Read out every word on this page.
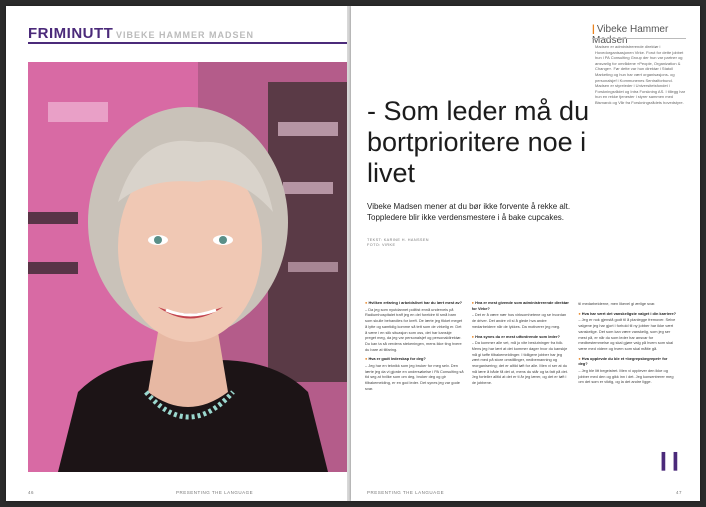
FRIMINUTT VIBEKE HAMMER MADSEN
46	PRESENTING THE LANGUAGE
| Vibeke Hammer Madsen
Madsen er administrerende direktør i Hovedorganisasjonen Virke. Forut for dette jobbet hun i PA Consulting Group der hun var partner og ansvarlig for områdene «People, Organization & Change». Før dette var hun direktør i Statoil Marketing og hun har vært organisasjons- og personalsjef i Kommunenes Sentralforbund. Madsen er styreleder i Universitetsfondet i Forskningsrådet og Intra Forskning AS. I tillegg har hun en rekke tjenester i styrer sammen med Bismarck og Vår fra Forskningsrådets hovedstyre.
- Som leder må du bortprioritere noe i livet
Vibeke Madsen mener at du bør ikke forvente å rekke alt. Toppledere blir ikke verdensmestere i å bake cupcakes.
TEKST: KARINE H. HANSSEN
FOTO: VIRKE
● Hvilken erfaring i arbeidslivet har du lært mest av?
– Da jeg som nyutdannet politist ennå underveis på Radiumhospitalet traff jeg en del foreldre til små barn som skulle behandles for kreft. De lærte jeg fikket meget å lytte og samtidig komme så tett som de virkelig er. Det å være i en slik situasjon som oss, det har kanskje preget meg, da jeg var personalsjef og personaldirektør. Du kan ta så verdens stekeningen, mens ikke ting hvere du bare at tilfaring.
● Hva er godt lederskap for deg?
– Jeg har en teknikk som jeg bruker for meg selv. Den lærte jeg da vi gjorde en undersøkelse i PA Consulting så tid seg at hvilke som om deg, bruker deg og gir tilbakemelding, er en god leder. Det synes jeg var gode svar.
● Hva er mest givende som administrerende direktør for Virke?
– Det er å være nær hos virksomhetene og se hvordan de driver. Det andre vil si å glede hva andre medarbeidere når de lykkes. Da motiverer jeg meg.
● Hva synes du er mest utfordrende som leder?
– Da kommer alle vet, må jo vite beslutninger fra folk. Mens jeg har lært at det kommer dager hvor du kanskje må gi tøffe tilbakemeldinger. I tidligere jobber har jeg vært med på store omstillinger, nedbemanning og reorganisering; det er alltid tøft for alle. Men vi ser at du må lære å både få det ut, mens du står og ta fatt på det. Jeg forteller alltid at det er ti år jeg lærer, og det er tøft i de jobbene.
til medarbeiderne, men likevel gi ærlige svar.
● Hva har vært det vanskeligste valget i din karriere?
– Jeg er nok gjenstå godt til å planlegge fremover. Selve valgene jeg har gjort i forhold til ny jobber har ikke vært vanskelige. Det som kan være vanskelig, som jeg ser mest på, er når du som leder har ansvar for medbestemmelse og skal gjøre valg på hvem som skal være med videre og hvem som skal måtte gå.
● Hva opplevde du ble et «begrepsbegrepet» for deg?
– Jeg ble litt begeistret. Men vi opplever den ikke og jobber med den og gikk inn i det. Jeg konsentrerer meg om det som er viktig, og la det andre ligge.
❙❙
PRESENTING THE LANGUAGE	47
